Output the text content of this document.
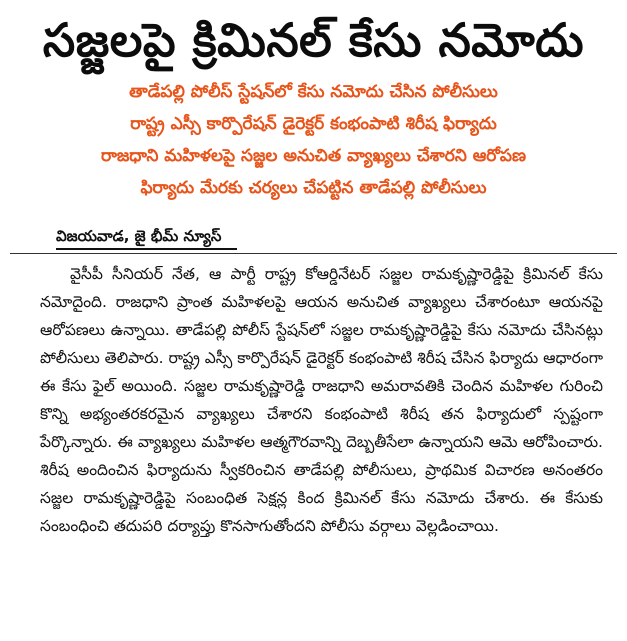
సజ్జలపై క్రిమినల్ కేసు నమోదు
తాడేపల్లి పోలీస్ స్టేషన్‌లో కేసు నమోదు చేసిన పోలీసులు
రాష్ట్ర ఎస్సీ కార్పొరేషన్ డైరెక్టర్ కంభంపాటి శిరీష ఫిర్యాదు
రాజధాని మహిళలపై సజ్జల అనుచిత వ్యాఖ్యలు చేశారని ఆరోపణ
ఫిర్యాదు మేరకు చర్యలు చేపట్టిన తాడేపల్లి పోలీసులు
విజయవాడ, జై భీమ్ న్యూస్

వైసీపీ సీనియర్ నేత, ఆ పార్టీ రాష్ట్ర కోఆర్డినేటర్ సజ్జల రామకృష్ణారెడ్డిపై క్రిమినల్ కేసు నమోదైంది. రాజధాని ప్రాంత మహిళలపై ఆయన అనుచిత వ్యాఖ్యలు చేశారంటూ ఆయనపై ఆరోపణలు ఉన్నాయి. తాడేపల్లి పోలీస్ స్టేషన్‌లో సజ్జల రామకృష్ణారెడ్డిపై కేసు నమోదు చేసినట్లు పోలీసులు తెలిపారు. రాష్ట్ర ఎస్సీ కార్పొరేషన్ డైరెక్టర్ కంభంపాటి శిరీష చేసిన ఫిర్యాదు ఆధారంగా ఈ కేసు ఫైల్ అయింది. సజ్జల రామకృష్ణారెడ్డి రాజధాని అమరావతికి చెందిన మహిళల గురించి కొన్ని అభ్యంతరకరమైన వ్యాఖ్యలు చేశారని కంభంపాటి శిరీష తన ఫిర్యాదులో స్పష్టంగా పేర్కొన్నారు. ఈ వ్యాఖ్యలు మహిళల ఆత్మగౌరవాన్ని దెబ్బతీసేలా ఉన్నాయని ఆమె ఆరోపించారు. శిరీష అందించిన ఫిర్యాదును స్వీకరించిన తాడేపల్లి పోలీసులు, ప్రాథమిక విచారణ అనంతరం సజ్జల రామకృష్ణారెడ్డిపై సంబంధిత సెక్షన్ల కింద క్రిమినల్ కేసు నమోదు చేశారు. ఈ కేసుకు సంబంధించి తదుపరి దర్యాప్తు కొనసాగుతోందని పోలీసు వర్గాలు వెల్లడించాయి.
